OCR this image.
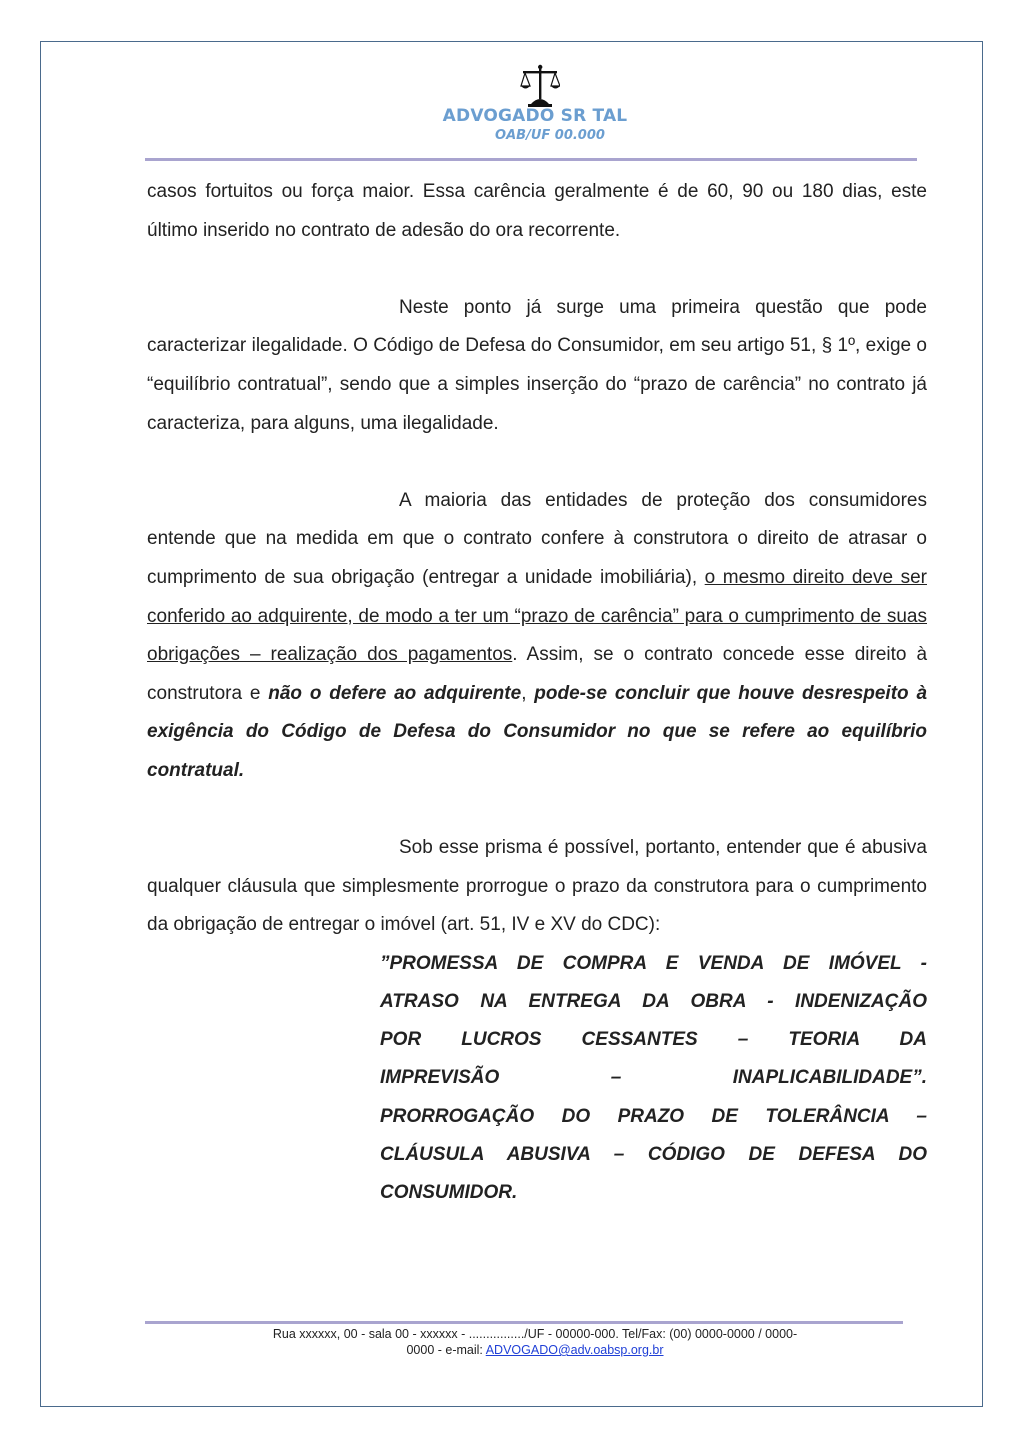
ADVOGADO SR TAL
OAB/UF 00.000

casos fortuitos ou força maior. Essa carência geralmente é de 60, 90 ou 180 dias, este último inserido no contrato de adesão do ora recorrente.

Neste ponto já surge uma primeira questão que pode caracterizar ilegalidade. O Código de Defesa do Consumidor, em seu artigo 51, § 1º, exige o “equilíbrio contratual”, sendo que a simples inserção do “prazo de carência” no contrato já caracteriza, para alguns, uma ilegalidade.

A maioria das entidades de proteção dos consumidores entende que na medida em que o contrato confere à construtora o direito de atrasar o cumprimento de sua obrigação (entregar a unidade imobiliária), o mesmo direito deve ser conferido ao adquirente, de modo a ter um “prazo de carência” para o cumprimento de suas obrigações – realização dos pagamentos. Assim, se o contrato concede esse direito à construtora e não o defere ao adquirente, pode-se concluir que houve desrespeito à exigência do Código de Defesa do Consumidor no que se refere ao equilíbrio contratual.

Sob esse prisma é possível, portanto, entender que é abusiva qualquer cláusula que simplesmente prorrogue o prazo da construtora para o cumprimento da obrigação de entregar o imóvel (art. 51, IV e XV do CDC):

”PROMESSA DE COMPRA E VENDA DE IMÓVEL -
ATRASO NA ENTREGA DA OBRA - INDENIZAÇÃO
POR LUCROS CESSANTES – TEORIA DA
IMPREVISÃO – INAPLICABILIDADE”.
PRORROGAÇÃO DO PRAZO DE TOLERÂNCIA –
CLÁUSULA ABUSIVA – CÓDIGO DE DEFESA DO
CONSUMIDOR.

Rua xxxxxx, 00 - sala 00 - xxxxxx - ................/UF - 00000-000. Tel/Fax: (00) 0000-0000 / 0000-
0000 - e-mail: ADVOGADO@adv.oabsp.org.br
